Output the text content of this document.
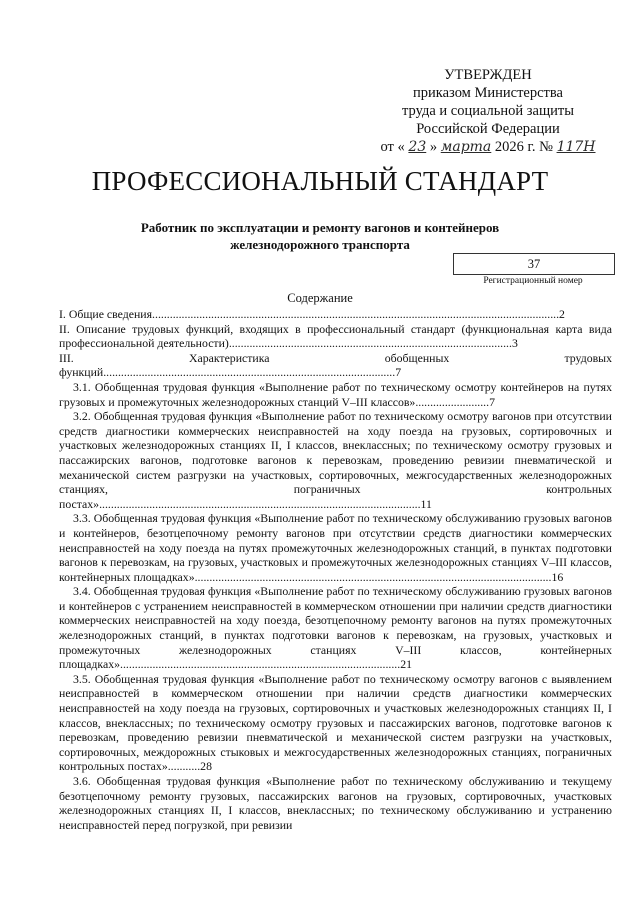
УТВЕРЖДЕН
приказом Министерства
труда и социальной защиты
Российской Федерации
от « 23 » марта 2026 г. № 117Н
ПРОФЕССИОНАЛЬНЫЙ СТАНДАРТ
Работник по эксплуатации и ремонту вагонов и контейнеров
железнодорожного транспорта
37
Регистрационный номер
Содержание
I. Общие сведения..........................................................................................................................................2
II. Описание трудовых функций, входящих в профессиональный стандарт (функциональная карта вида профессиональной деятельности)................................................................................................3
III. Характеристика обобщенных трудовых функций...................................................................................................7
3.1. Обобщенная трудовая функция «Выполнение работ по техническому осмотру контейнеров на путях грузовых и промежуточных железнодорожных станций V–III классов».........................7
3.2. Обобщенная трудовая функция «Выполнение работ по техническому осмотру вагонов при отсутствии средств диагностики коммерческих неисправностей на ходу поезда на грузовых, сортировочных и участковых железнодорожных станциях II, I классов, внеклассных; по техническому осмотру грузовых и пассажирских вагонов, подготовке вагонов к перевозкам, проведению ревизии пневматической и механической систем разгрузки на участковых, сортировочных, межгосударственных железнодорожных станциях, пограничных контрольных постах».............................................................................................................11
3.3. Обобщенная трудовая функция «Выполнение работ по техническому обслуживанию грузовых вагонов и контейнеров, безотцепочному ремонту вагонов при отсутствии средств диагностики коммерческих неисправностей на ходу поезда на путях промежуточных железнодорожных станций, в пунктах подготовки вагонов к перевозкам, на грузовых, участковых и промежуточных железнодорожных станциях V–III классов, контейнерных площадках».........................................................................................................................16
3.4. Обобщенная трудовая функция «Выполнение работ по техническому обслуживанию грузовых вагонов и контейнеров с устранением неисправностей в коммерческом отношении при наличии средств диагностики коммерческих неисправностей на ходу поезда, безотцепочному ремонту вагонов на путях промежуточных железнодорожных станций, в пунктах подготовки вагонов к перевозкам, на грузовых, участковых и промежуточных железнодорожных станциях V–III классов, контейнерных площадках»...............................................................................................21
3.5. Обобщенная трудовая функция «Выполнение работ по техническому осмотру вагонов с выявлением неисправностей в коммерческом отношении при наличии средств диагностики коммерческих неисправностей на ходу поезда на грузовых, сортировочных и участковых железнодорожных станциях II, I классов, внеклассных; по техническому осмотру грузовых и пассажирских вагонов, подготовке вагонов к перевозкам, проведению ревизии пневматической и механической систем разгрузки на участковых, сортировочных, междорожных стыковых и межгосударственных железнодорожных станциях, пограничных контрольных постах»...........28
3.6. Обобщенная трудовая функция «Выполнение работ по техническому обслуживанию и текущему безотцепочному ремонту грузовых, пассажирских вагонов на грузовых, сортировочных, участковых железнодорожных станциях II, I классов, внеклассных; по техническому обслуживанию и устранению неисправностей перед погрузкой, при ревизии
